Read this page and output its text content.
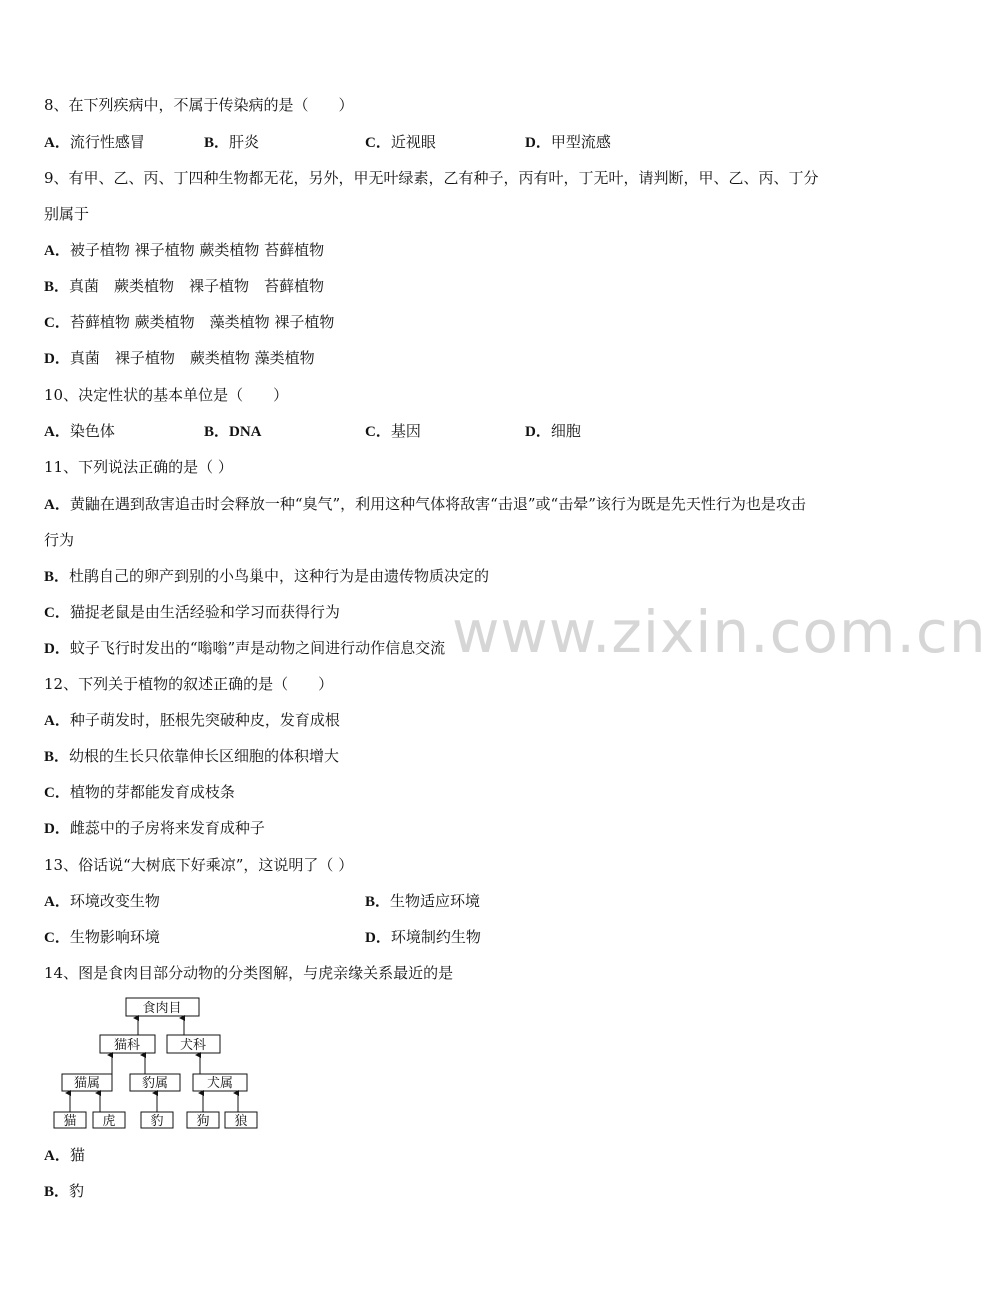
www.zixin.com.cn
8、在下列疾病中，不属于传染病的是（　　）
A．流行性感冒	B．肝炎	C．近视眼	D．甲型流感
9、有甲、乙、丙、丁四种生物都无花，另外，甲无叶绿素，乙有种子，丙有叶，丁无叶，请判断，甲、乙、丙、丁分
别属于
A．被子植物 裸子植物 蕨类植物 苔藓植物
B．真菌　蕨类植物　裸子植物　苔藓植物
C．苔藓植物 蕨类植物　藻类植物 裸子植物
D．真菌　裸子植物　蕨类植物 藻类植物
10、决定性状的基本单位是（　　）
A．染色体	B．DNA	C．基因	D．细胞
11、下列说法正确的是（ ）
A．黄鼬在遇到敌害追击时会释放一种“臭气”，利用这种气体将敌害“击退”或“击晕”该行为既是先天性行为也是攻击
行为
B．杜鹃自己的卵产到别的小鸟巢中，这种行为是由遗传物质决定的
C．猫捉老鼠是由生活经验和学习而获得行为
D．蚊子飞行时发出的“嗡嗡”声是动物之间进行动作信息交流
12、下列关于植物的叙述正确的是（　　）
A．种子萌发时，胚根先突破种皮，发育成根
B．幼根的生长只依靠伸长区细胞的体积增大
C．植物的芽都能发育成枝条
D．雌蕊中的子房将来发育成种子
13、俗话说“大树底下好乘凉”，这说明了（ ）
A．环境改变生物	B．生物适应环境
C．生物影响环境	D．环境制约生物
14、图是食肉目部分动物的分类图解，与虎亲缘关系最近的是
食肉目
猫科	犬科
猫属	豹属	犬属
猫 虎	豹	狗 狼
A．猫
B．豹
